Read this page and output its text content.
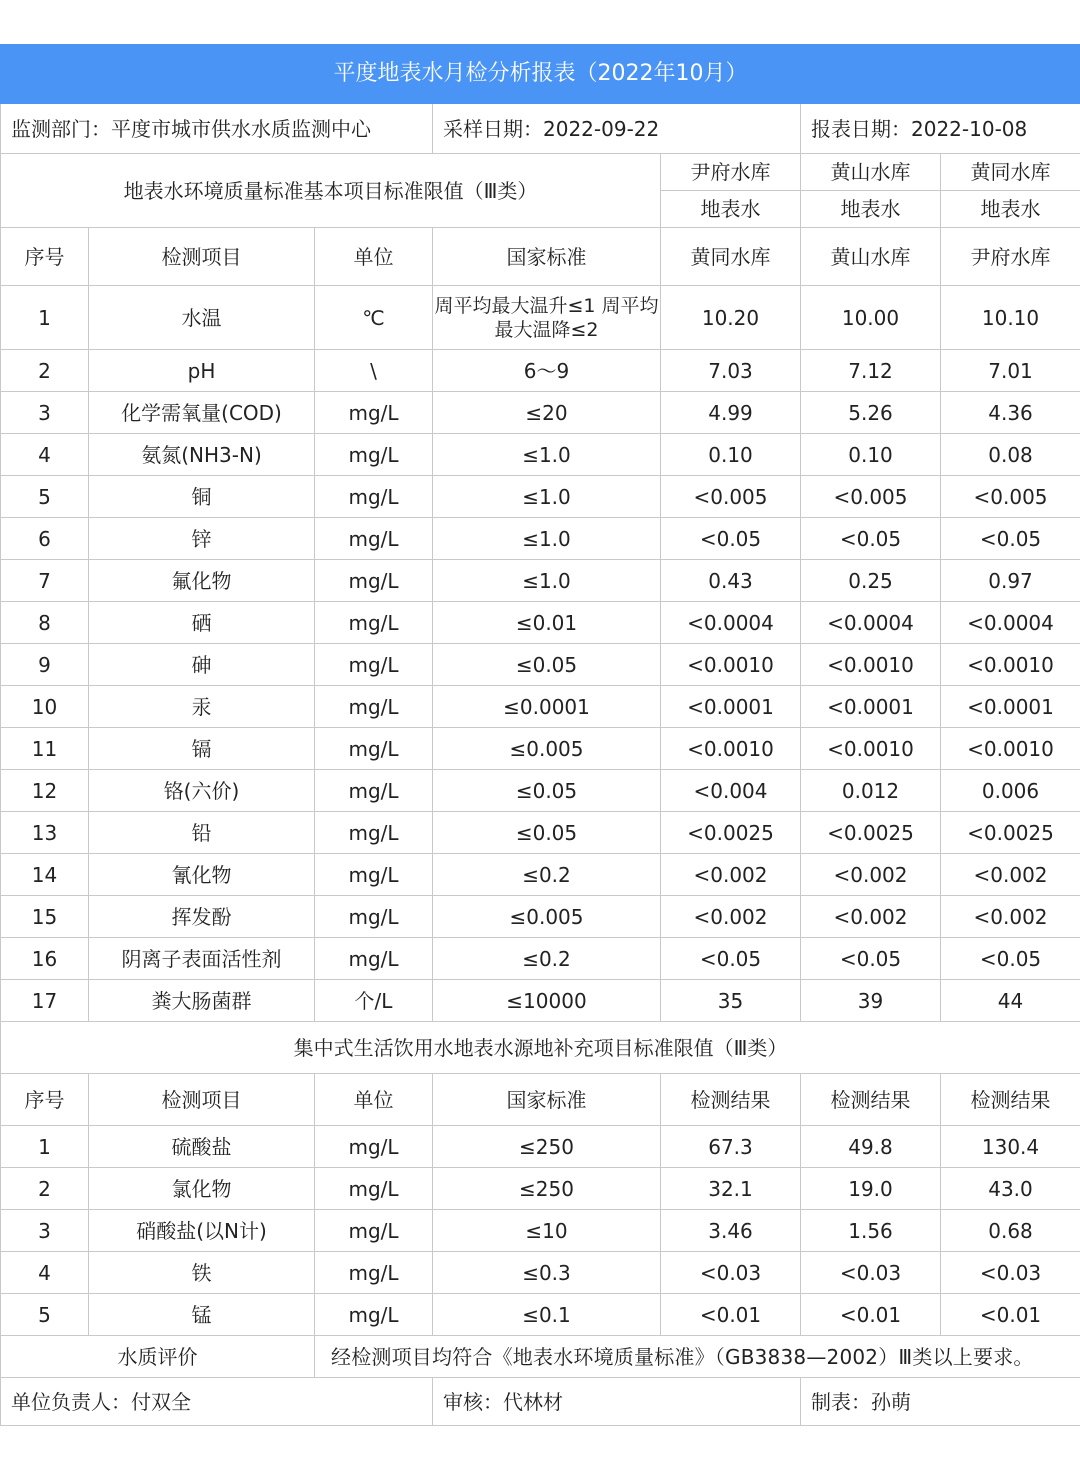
平度地表水月检分析报表（2022年10月）						
监测部门：平度市城市供水水质监测中心			采样日期：2022-09-22		报表日期：2022-10-08	
地表水环境质量标准基本项目标准限值（Ⅲ类）				尹府水库	黄山水库	黄同水库
				地表水	地表水	地表水
序号	检测项目	单位	国家标准	黄同水库	黄山水库	尹府水库
1	水温	℃	周平均最大温升≤1 周平均最大温降≤2	10.20	10.00	10.10
2	pH	\	6～9	7.03	7.12	7.01
3	化学需氧量(COD)	mg/L	≤20	4.99	5.26	4.36
4	氨氮(NH3-N)	mg/L	≤1.0	0.10	0.10	0.08
5	铜	mg/L	≤1.0	<0.005	<0.005	<0.005
6	锌	mg/L	≤1.0	<0.05	<0.05	<0.05
7	氟化物	mg/L	≤1.0	0.43	0.25	0.97
8	硒	mg/L	≤0.01	<0.0004	<0.0004	<0.0004
9	砷	mg/L	≤0.05	<0.0010	<0.0010	<0.0010
10	汞	mg/L	≤0.0001	<0.0001	<0.0001	<0.0001
11	镉	mg/L	≤0.005	<0.0010	<0.0010	<0.0010
12	铬(六价)	mg/L	≤0.05	<0.004	0.012	0.006
13	铅	mg/L	≤0.05	<0.0025	<0.0025	<0.0025
14	氰化物	mg/L	≤0.2	<0.002	<0.002	<0.002
15	挥发酚	mg/L	≤0.005	<0.002	<0.002	<0.002
16	阴离子表面活性剂	mg/L	≤0.2	<0.05	<0.05	<0.05
17	粪大肠菌群	个/L	≤10000	35	39	44
集中式生活饮用水地表水源地补充项目标准限值（Ⅲ类）						
序号	检测项目	单位	国家标准	检测结果	检测结果	检测结果
1	硫酸盐	mg/L	≤250	67.3	49.8	130.4
2	氯化物	mg/L	≤250	32.1	19.0	43.0
3	硝酸盐(以N计)	mg/L	≤10	3.46	1.56	0.68
4	铁	mg/L	≤0.3	<0.03	<0.03	<0.03
5	锰	mg/L	≤0.1	<0.01	<0.01	<0.01
水质评价		经检测项目均符合《地表水环境质量标准》（GB3838—2002）Ⅲ类以上要求。				
单位负责人：付双全			审核：代林材		制表：孙萌	
